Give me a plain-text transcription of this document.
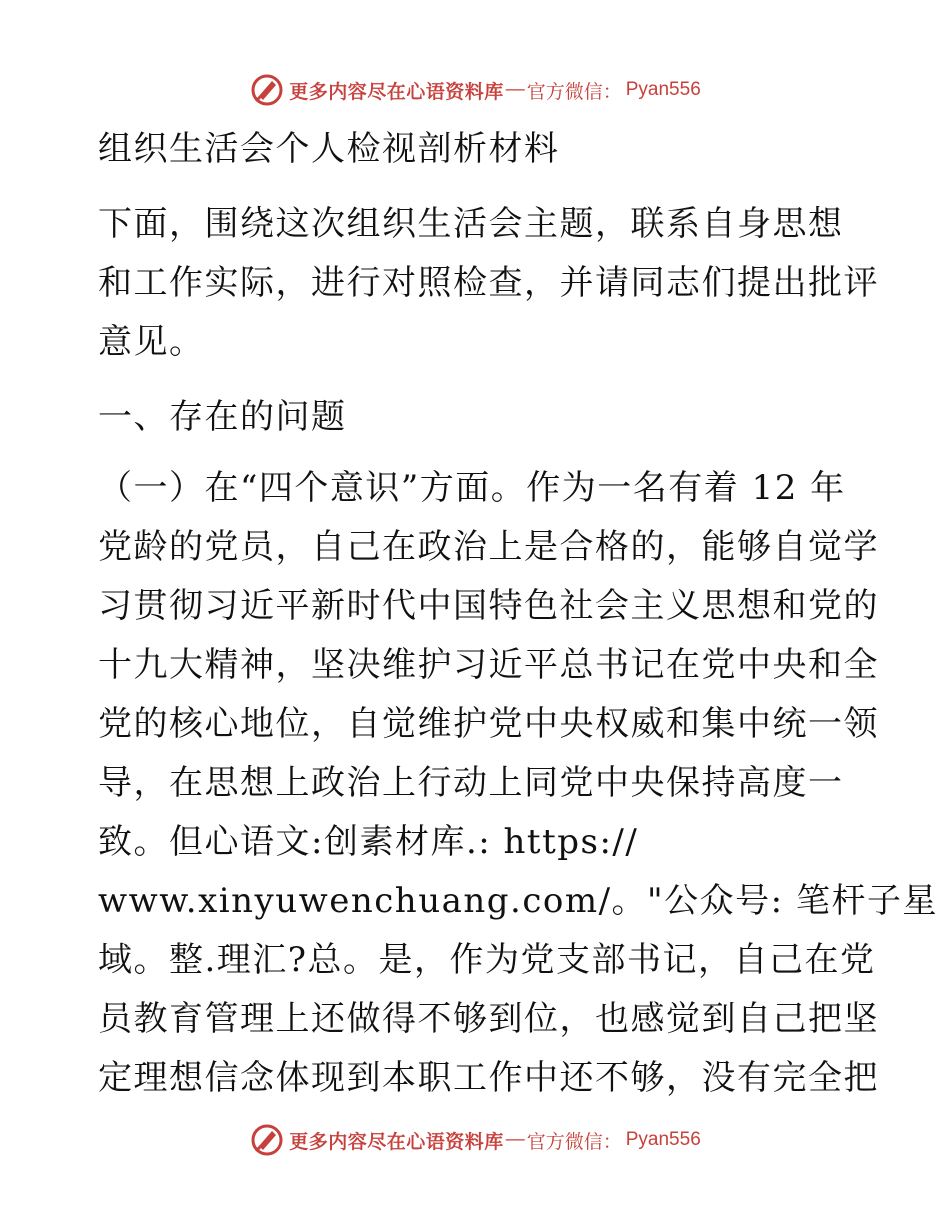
更多内容尽在心语资料库 — 官方微信： Pyan556
组织生活会个人检视剖析材料
下面，围绕这次组织生活会主题，联系自身思想
和工作实际，进行对照检查，并请同志们提出批评
意见。
一、存在的问题
（一）在“四个意识”方面。作为一名有着 12 年
党龄的党员，自己在政治上是合格的，能够自觉学
习贯彻习近平新时代中国特色社会主义思想和党的
十九大精神，坚决维护习近平总书记在党中央和全
党的核心地位，自觉维护党中央权威和集中统一领
导，在思想上政治上行动上同党中央保持高度一
致。但心语文:创素材库.: https://
www.xinyuwenchuang.com/。"公众号: 笔杆子星
域。整.理汇?总。是，作为党支部书记，自己在党
员教育管理上还做得不够到位，也感觉到自己把坚
定理想信念体现到本职工作中还不够，没有完全把
更多内容尽在心语资料库 — 官方微信： Pyan556
